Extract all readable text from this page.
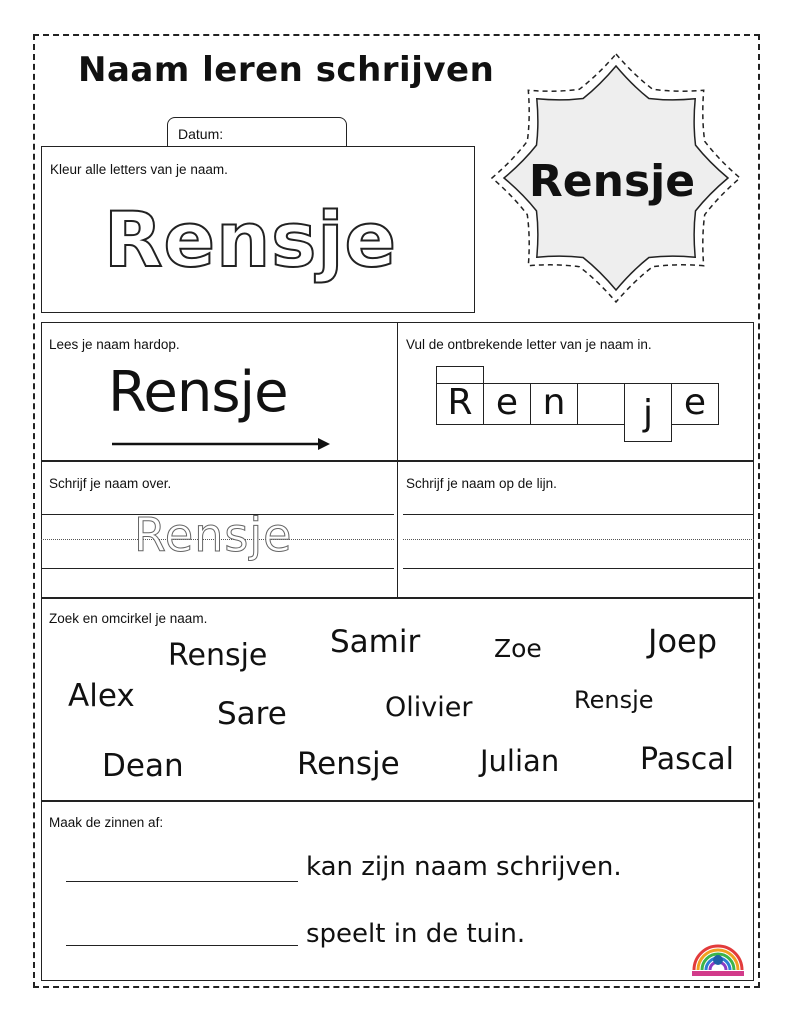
Naam leren schrijven
Rensje
Datum:
Kleur alle letters van je naam.
Rensje
Lees je naam hardop.
Rensje
Vul de ontbrekende letter van je naam in.
R e n	j e
Schrijf je naam over.	Schrijf je naam op de lijn.
Rensje
Zoek en omcirkel je naam.
Rensje Samir	Zoe	Joep
Alex	Sare	Olivier	Rensje
Dean	Rensje	Julian	Pascal
Maak de zinnen af:
kan zijn naam schrijven.
speelt in de tuin.
